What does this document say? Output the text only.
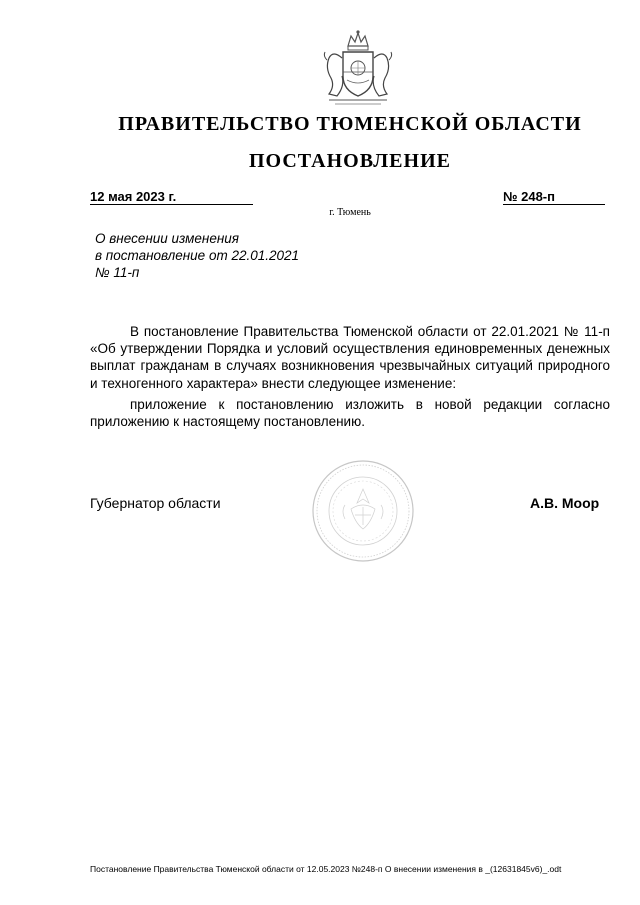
ПРАВИТЕЛЬСТВО ТЮМЕНСКОЙ ОБЛАСТИ
ПОСТАНОВЛЕНИЕ
12 мая 2023 г.	№ 248-п
г. Тюмень
О внесении изменения
в постановление от 22.01.2021
№ 11-п

В постановление Правительства Тюменской области от 22.01.2021 № 11-п «Об утверждении Порядка и условий осуществления единовременных денежных выплат гражданам в случаях возникновения чрезвычайных ситуаций природного и техногенного характера» внести следующее изменение:

приложение к постановлению изложить в новой редакции согласно приложению к настоящему постановлению.

Губернатор области	А.В. Моор
Постановление Правительства Тюменской области от 12.05.2023 №248-п О внесении изменения в _(12631845v6)_.odt
